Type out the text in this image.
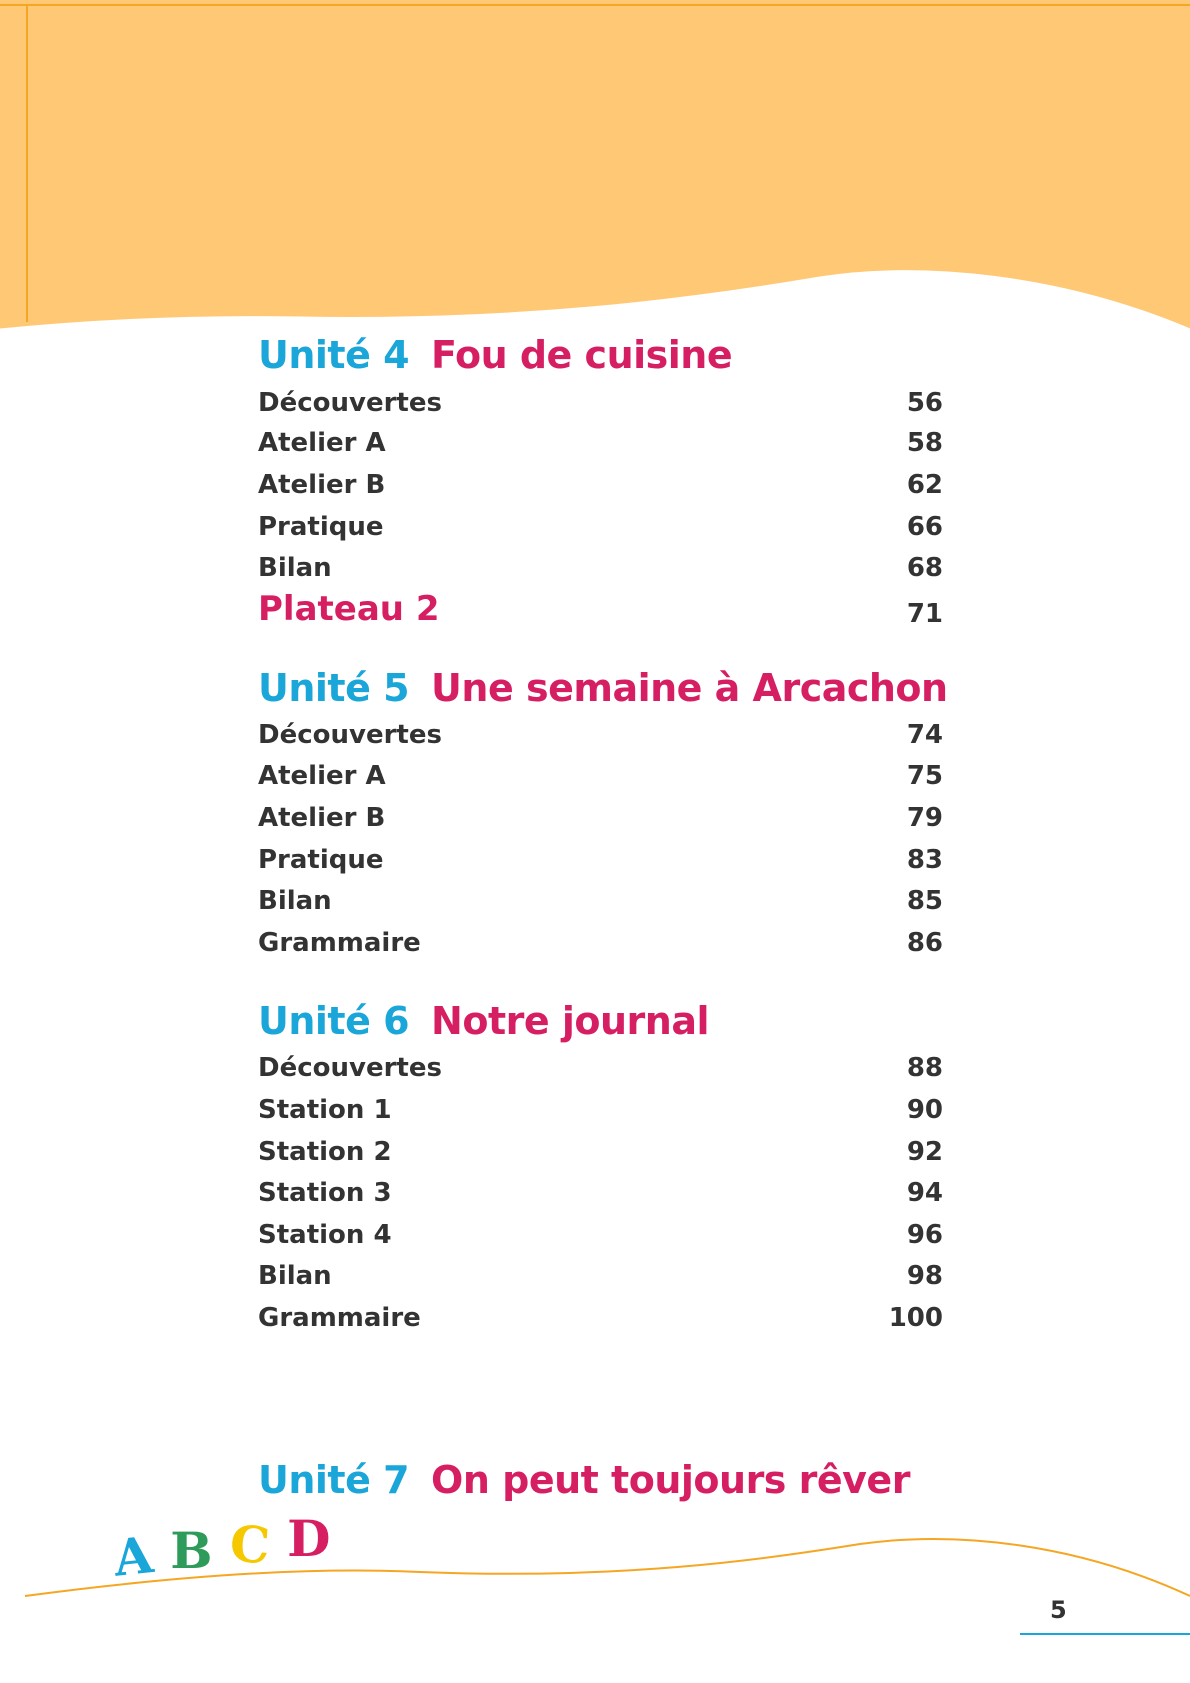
Unité 4 Fou de cuisine
Découvertes	56
Atelier A	58
Atelier B	62
Pratique	66
Bilan	68
Plateau 2	71
Unité 5 Une semaine à Arcachon
Découvertes	74
Atelier A	75
Atelier B	79
Pratique	83
Bilan	85
Grammaire	86
Unité 6 Notre journal
Découvertes	88
Station 1	90
Station 2	92
Station 3	94
Station 4	96
Bilan	98
Grammaire	100
Unité 7 On peut toujours rêver
A B C D
5
